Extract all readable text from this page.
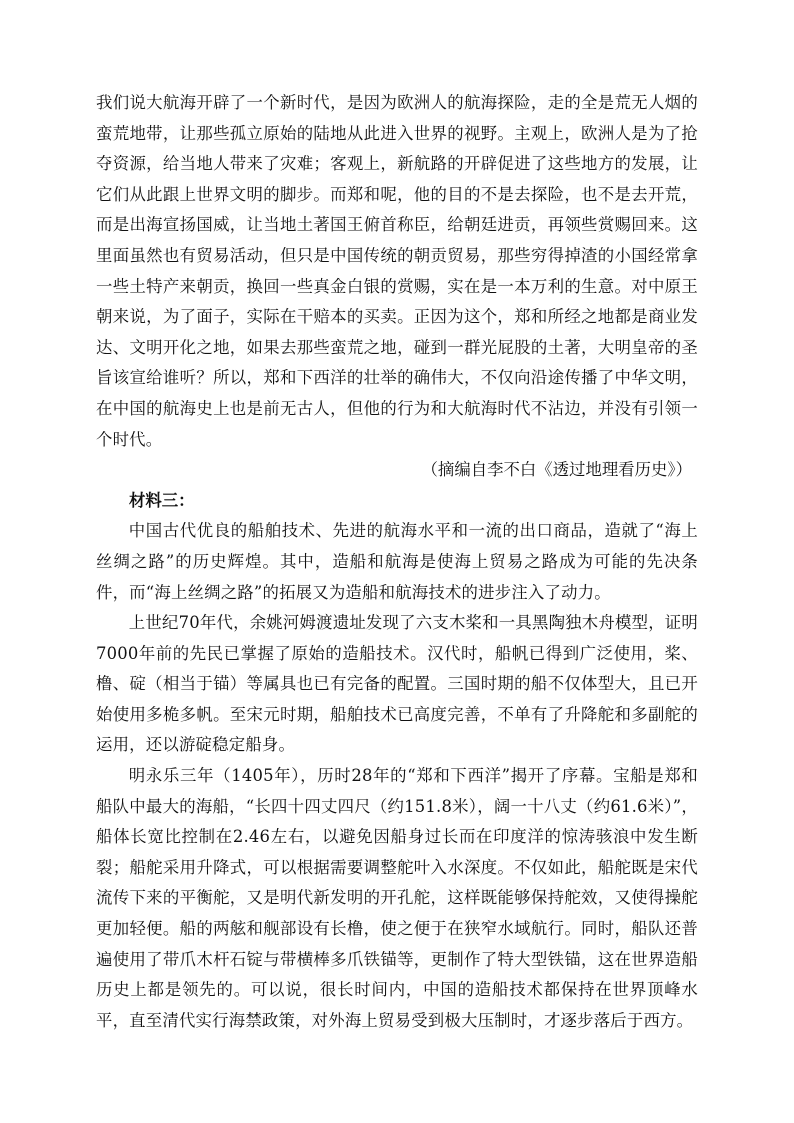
我们说大航海开辟了一个新时代，是因为欧洲人的航海探险，走的全是荒无人烟的蛮荒地带，让那些孤立原始的陆地从此进入世界的视野。主观上，欧洲人是为了抢夺资源，给当地人带来了灾难；客观上，新航路的开辟促进了这些地方的发展，让它们从此跟上世界文明的脚步。而郑和呢，他的目的不是去探险，也不是去开荒，而是出海宣扬国威，让当地土著国王俯首称臣，给朝廷进贡，再领些赏赐回来。这里面虽然也有贸易活动，但只是中国传统的朝贡贸易，那些穷得掉渣的小国经常拿一些土特产来朝贡，换回一些真金白银的赏赐，实在是一本万利的生意。对中原王朝来说，为了面子，实际在干赔本的买卖。正因为这个，郑和所经之地都是商业发达、文明开化之地，如果去那些蛮荒之地，碰到一群光屁股的土著，大明皇帝的圣旨该宣给谁听？所以，郑和下西洋的壮举的确伟大，不仅向沿途传播了中华文明，在中国的航海史上也是前无古人，但他的行为和大航海时代不沾边，并没有引领一个时代。

（摘编自李不白《透过地理看历史》）

材料三：

中国古代优良的船舶技术、先进的航海水平和一流的出口商品，造就了“海上丝绸之路”的历史辉煌。其中，造船和航海是使海上贸易之路成为可能的先决条件，而“海上丝绸之路”的拓展又为造船和航海技术的进步注入了动力。

上世纪70年代，余姚河姆渡遗址发现了六支木桨和一具黑陶独木舟模型，证明7000年前的先民已掌握了原始的造船技术。汉代时，船帆已得到广泛使用，桨、橹、碇（相当于锚）等属具也已有完备的配置。三国时期的船不仅体型大，且已开始使用多桅多帆。至宋元时期，船舶技术已高度完善，不单有了升降舵和多副舵的运用，还以游碇稳定船身。

明永乐三年（1405年），历时28年的“郑和下西洋”揭开了序幕。宝船是郑和船队中最大的海船，“长四十四丈四尺（约151.8米），阔一十八丈（约61.6米）”，船体长宽比控制在2.46左右，以避免因船身过长而在印度洋的惊涛骇浪中发生断裂；船舵采用升降式，可以根据需要调整舵叶入水深度。不仅如此，船舵既是宋代流传下来的平衡舵，又是明代新发明的开孔舵，这样既能够保持舵效，又使得操舵更加轻便。船的两舷和舰部设有长橹，使之便于在狭窄水域航行。同时，船队还普遍使用了带爪木杆石锭与带横棒多爪铁锚等，更制作了特大型铁锚，这在世界造船历史上都是领先的。可以说，很长时间内，中国的造船技术都保持在世界顶峰水平，直至清代实行海禁政策，对外海上贸易受到极大压制时，才逐步落后于西方。
